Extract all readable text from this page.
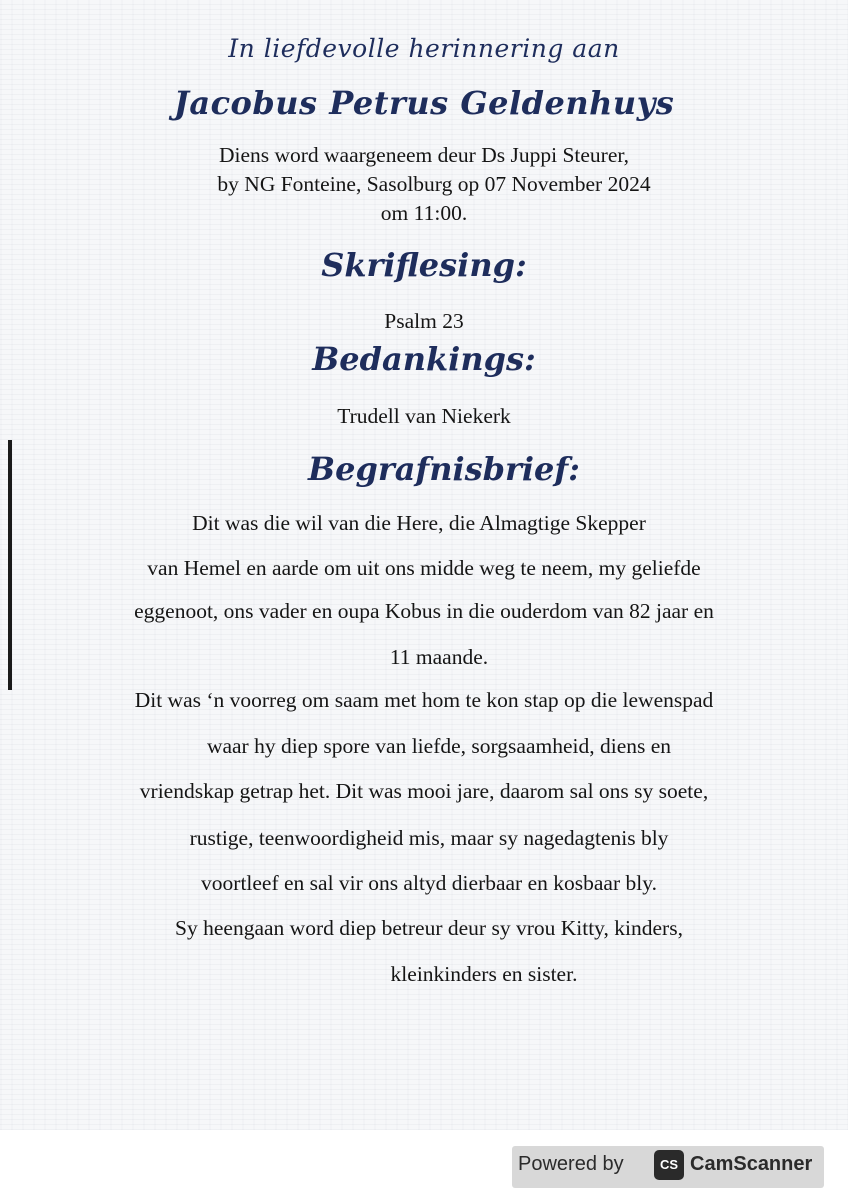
In liefdevolle herinnering aan
Jacobus Petrus Geldenhuys
Diens word waargeneem deur Ds Juppi Steurer,
by NG Fonteine, Sasolburg op 07 November 2024
om 11:00.
Skriflesing:
Psalm 23
Bedankings:
Trudell van Niekerk
Begrafnisbrief:
Dit was die wil van die Here, die Almagtige Skepper
van Hemel en aarde om uit ons midde weg te neem, my geliefde
eggenoot, ons vader en oupa Kobus in die ouderdom van 82 jaar en
11 maande.
Dit was ‘n voorreg om saam met hom te kon stap op die lewenspad
waar hy diep spore van liefde, sorgsaamheid, diens en
vriendskap getrap het. Dit was mooi jare, daarom sal ons sy soete,
rustige, teenwoordigheid mis, maar sy nagedagtenis bly
voortleef en sal vir ons altyd dierbaar en kosbaar bly.
Sy heengaan word diep betreur deur sy vrou Kitty, kinders,
kleinkinders en sister.
Powered by	CS CamScanner
